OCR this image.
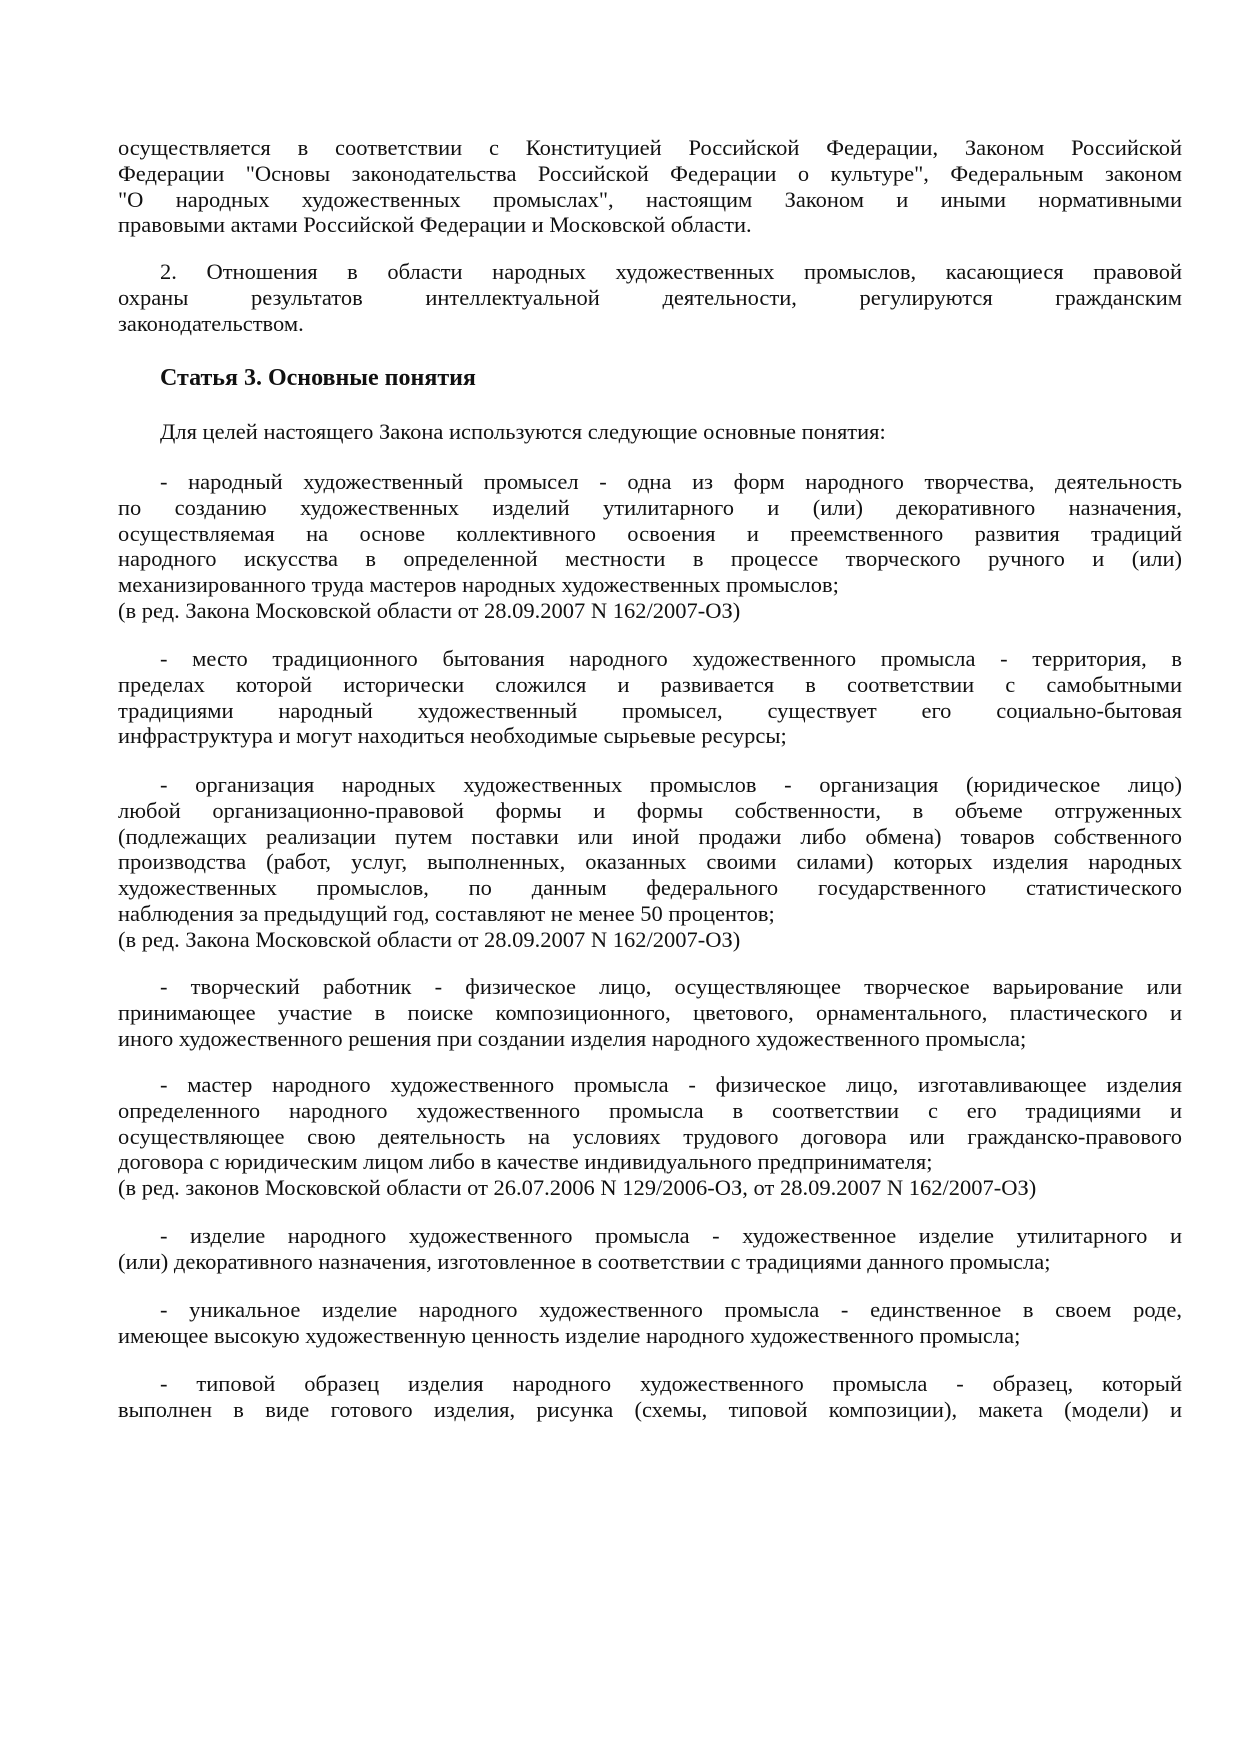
Статья 3. Основные понятия
осуществляется в соответствии с Конституцией Российской Федерации, Законом Российской
Федерации "Основы законодательства Российской Федерации о культуре", Федеральным законом
"О народных художественных промыслах", настоящим Законом и иными нормативными
правовыми актами Российской Федерации и Московской области.
2. Отношения в области народных художественных промыслов, касающиеся правовой
охраны результатов интеллектуальной деятельности, регулируются гражданским
законодательством.
Для целей настоящего Закона используются следующие основные понятия:
- народный художественный промысел - одна из форм народного творчества, деятельность
по созданию художественных изделий утилитарного и (или) декоративного назначения,
осуществляемая на основе коллективного освоения и преемственного развития традиций
народного искусства в определенной местности в процессе творческого ручного и (или)
механизированного труда мастеров народных художественных промыслов;
(в ред. Закона Московской области от 28.09.2007 N 162/2007-ОЗ)
- место традиционного бытования народного художественного промысла - территория, в
пределах которой исторически сложился и развивается в соответствии с самобытными
традициями народный художественный промысел, существует его социально-бытовая
инфраструктура и могут находиться необходимые сырьевые ресурсы;
- организация народных художественных промыслов - организация (юридическое лицо)
любой организационно-правовой формы и формы собственности, в объеме отгруженных
(подлежащих реализации путем поставки или иной продажи либо обмена) товаров собственного
производства (работ, услуг, выполненных, оказанных своими силами) которых изделия народных
художественных промыслов, по данным федерального государственного статистического
наблюдения за предыдущий год, составляют не менее 50 процентов;
(в ред. Закона Московской области от 28.09.2007 N 162/2007-ОЗ)
- творческий работник - физическое лицо, осуществляющее творческое варьирование или
принимающее участие в поиске композиционного, цветового, орнаментального, пластического и
иного художественного решения при создании изделия народного художественного промысла;
- мастер народного художественного промысла - физическое лицо, изготавливающее изделия
определенного народного художественного промысла в соответствии с его традициями и
осуществляющее свою деятельность на условиях трудового договора или гражданско-правового
договора с юридическим лицом либо в качестве индивидуального предпринимателя;
(в ред. законов Московской области от 26.07.2006 N 129/2006-ОЗ, от 28.09.2007 N 162/2007-ОЗ)
- изделие народного художественного промысла - художественное изделие утилитарного и
(или) декоративного назначения, изготовленное в соответствии с традициями данного промысла;
- уникальное изделие народного художественного промысла - единственное в своем роде,
имеющее высокую художественную ценность изделие народного художественного промысла;
- типовой образец изделия народного художественного промысла - образец, который
выполнен в виде готового изделия, рисунка (схемы, типовой композиции), макета (модели) и
